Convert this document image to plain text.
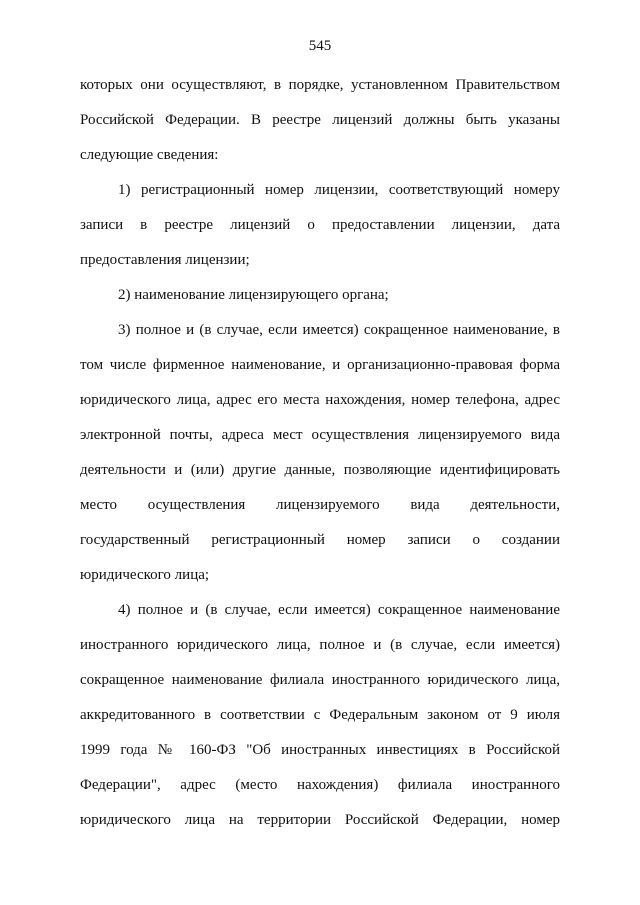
545
которых они осуществляют, в порядке, установленном Правительством
Российской Федерации. В реестре лицензий должны быть указаны
следующие сведения:
1) регистрационный номер лицензии, соответствующий номеру
записи в реестре лицензий о предоставлении лицензии, дата
предоставления лицензии;
2) наименование лицензирующего органа;
3) полное и (в случае, если имеется) сокращенное наименование, в
том числе фирменное наименование, и организационно-правовая форма
юридического лица, адрес его места нахождения, номер телефона, адрес
электронной почты, адреса мест осуществления лицензируемого вида
деятельности и (или) другие данные, позволяющие идентифицировать
место осуществления лицензируемого вида деятельности,
государственный регистрационный номер записи о создании
юридического лица;
4) полное и (в случае, если имеется) сокращенное наименование
иностранного юридического лица, полное и (в случае, если имеется)
сокращенное наименование филиала иностранного юридического лица,
аккредитованного в соответствии с Федеральным законом от 9 июля
1999 года № 160-ФЗ "Об иностранных инвестициях в Российской
Федерации", адрес (место нахождения) филиала иностранного
юридического лица на территории Российской Федерации, номер
